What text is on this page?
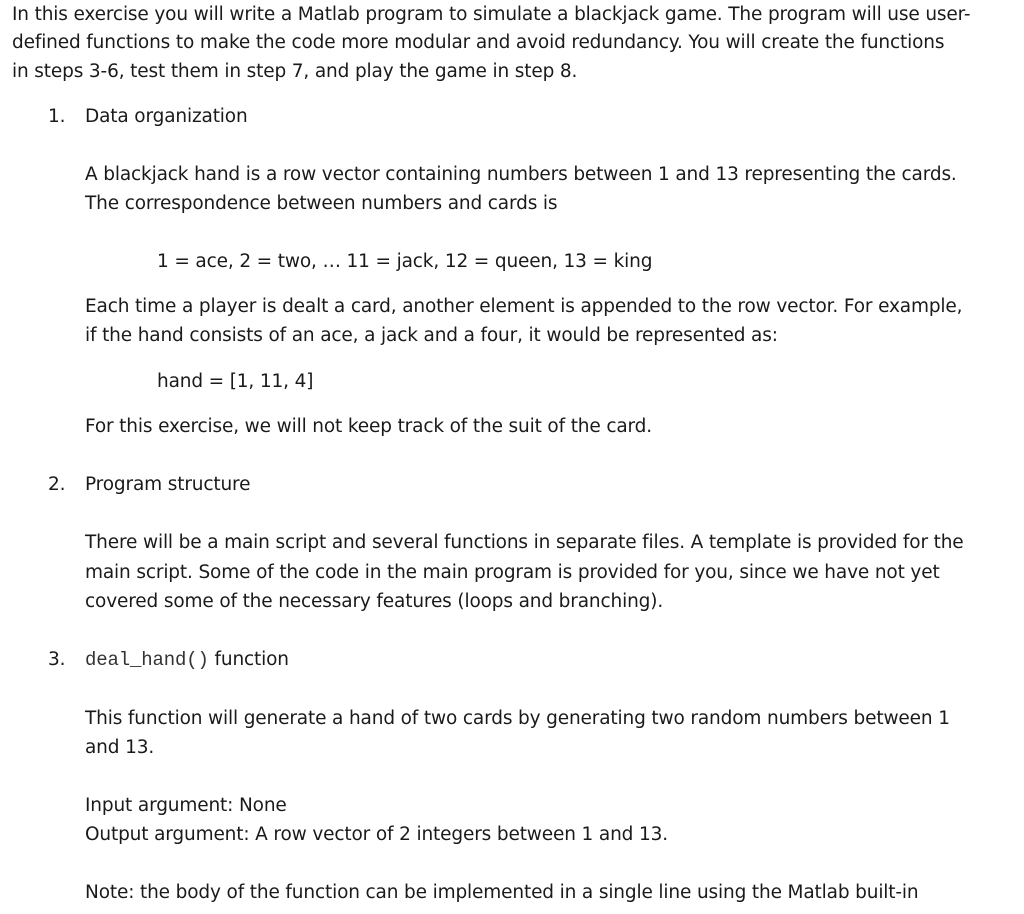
In this exercise you will write a Matlab program to simulate a blackjack game. The program will use user-
defined functions to make the code more modular and avoid redundancy. You will create the functions
in steps 3-6, test them in step 7, and play the game in step 8.
1. Data organization
A blackjack hand is a row vector containing numbers between 1 and 13 representing the cards.
The correspondence between numbers and cards is
1 = ace, 2 = two, … 11 = jack, 12 = queen, 13 = king
Each time a player is dealt a card, another element is appended to the row vector. For example,
if the hand consists of an ace, a jack and a four, it would be represented as:
hand = [1, 11, 4]
For this exercise, we will not keep track of the suit of the card.
2. Program structure
There will be a main script and several functions in separate files. A template is provided for the
main script. Some of the code in the main program is provided for you, since we have not yet
covered some of the necessary features (loops and branching).
3. deal_hand() function
This function will generate a hand of two cards by generating two random numbers between 1
and 13.
Input argument: None
Output argument: A row vector of 2 integers between 1 and 13.
Note: the body of the function can be implemented in a single line using the Matlab built-in
